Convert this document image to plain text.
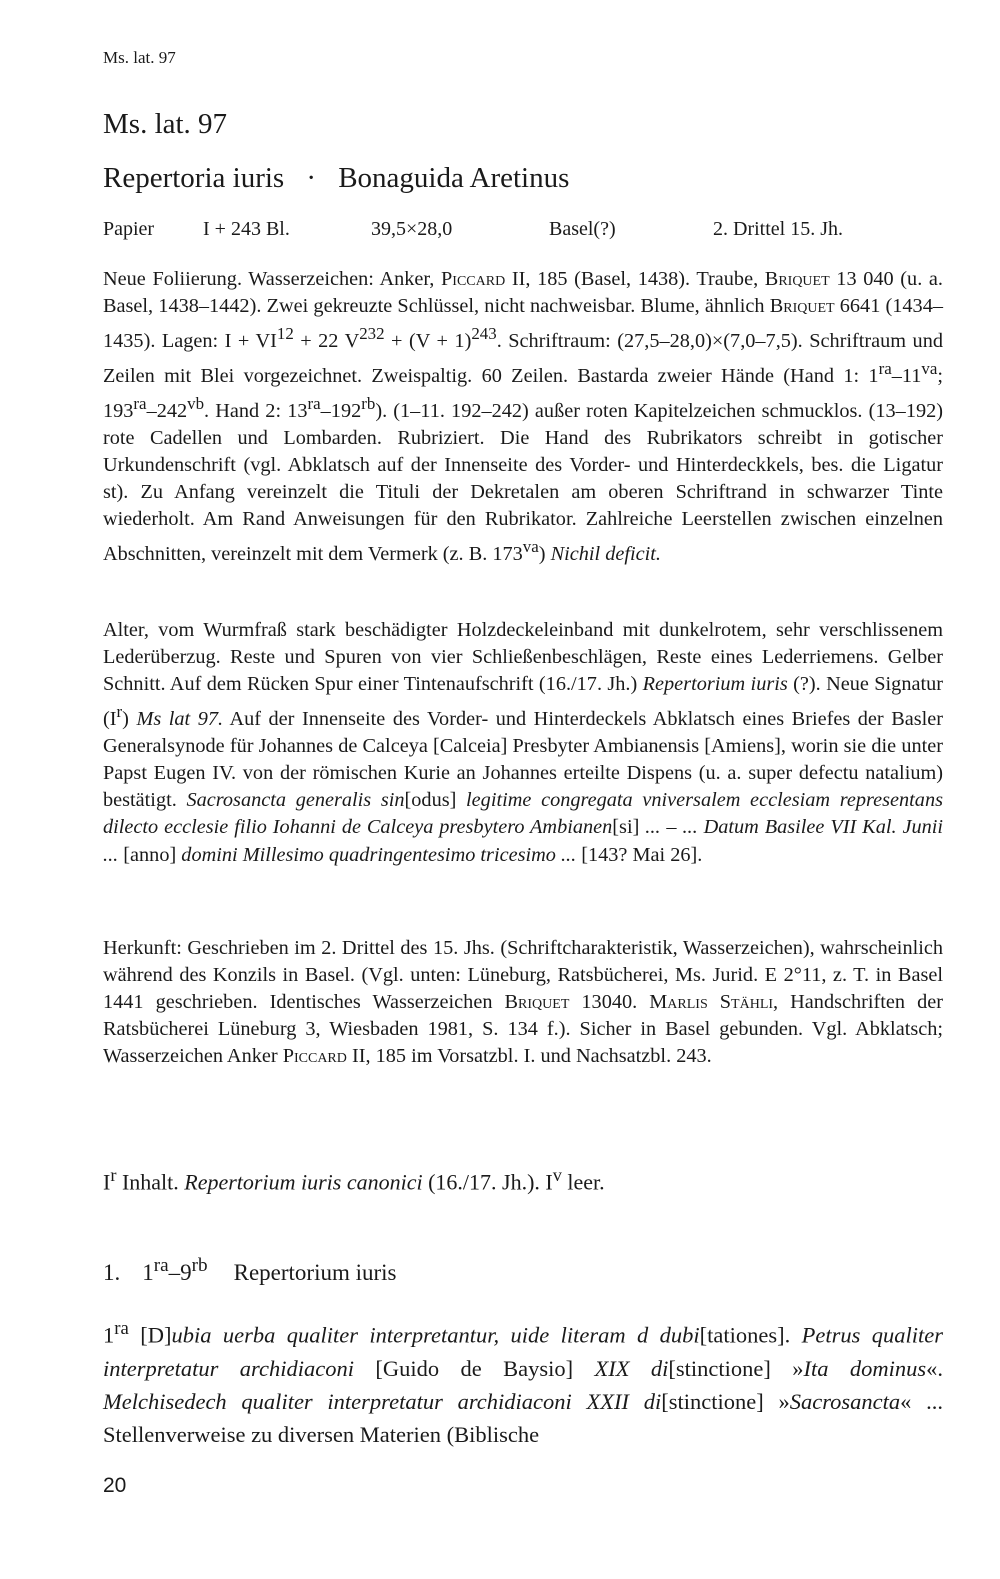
Ms. lat. 97
Ms. lat. 97
Repertoria iuris · Bonaguida Aretinus
Papier I + 243 Bl.	39,5×28,0	Basel(?)	2. Drittel 15. Jh.
Neue Foliierung. Wasserzeichen: Anker, Piccard II, 185 (Basel, 1438). Traube, Briquet 13 040 (u. a. Basel, 1438–1442). Zwei gekreuzte Schlüssel, nicht nachweisbar. Blume, ähnlich Briquet 6641 (1434–1435). Lagen: $I + VI^{12} + 22$ $V^{232} + (V + 1)^{243}$. Schriftraum: (27,5–28,0)×(7,0–7,5). Schriftraum und Zeilen mit Blei vorgezeichnet. Zweispaltig. 60 Zeilen. Bastarda zweier Hände (Hand 1: $1^{ra}-11^{va}$; $193^{ra}-242^{vb}$. Hand 2: $13^{ra}-192^{rb}$). (1–11. 192–242) außer roten Kapitelzeichen schmucklos. (13–192) rote Cadellen und Lombarden. Rubriziert. Die Hand des Rubrikators schreibt in gotischer Urkundenschrift (vgl. Abklatsch auf der Innenseite des Vorder- und Hinterdeckkels, bes. die Ligatur st). Zu Anfang vereinzelt die Tituli der Dekretalen am oberen Schriftrand in schwarzer Tinte wiederholt. Am Rand Anweisungen für den Rubrikator. Zahlreiche Leerstellen zwischen einzelnen Abschnitten, vereinzelt mit dem Vermerk (z. B. $173^{va}$) Nichil deficit.
Alter, vom Wurmfraß stark beschädigter Holzdeckeleinband mit dunkelrotem, sehr verschlissenem Lederüberzug. Reste und Spuren von vier Schließenbeschlägen, Reste eines Lederriemens. Gelber Schnitt. Auf dem Rücken Spur einer Tintenaufschrift (16./17. Jh.) Repertorium iuris (?). Neue Signatur $(I^r)$ Ms lat 97. Auf der Innenseite des Vorder- und Hinterdeckels Abklatsch eines Briefes der Basler Generalsynode für Johannes de Calceya [Calceia] Presbyter Ambianensis [Amiens], worin sie die unter Papst Eugen IV. von der römischen Kurie an Johannes erteilte Dispens (u. a. super defectu natalium) bestätigt. Sacrosancta generalis sin[odus] legitime congregata vniversalem ecclesiam representans dilecto ecclesie filio Iohanni de Calceya presbytero Ambianen[si] ... – ... Datum Basilee VII Kal. Junii ... [anno] domini Millesimo quadringentesimo tricesimo ... [143? Mai 26].
Herkunft: Geschrieben im 2. Drittel des 15. Jhs. (Schriftcharakteristik, Wasserzeichen), wahrscheinlich während des Konzils in Basel. (Vgl. unten: Lüneburg, Ratsbücherei, Ms. Jurid. E 2°11, z. T. in Basel 1441 geschrieben. Identisches Wasserzeichen Briquet 13040. Marlis Stähli, Handschriften der Ratsbücherei Lüneburg 3, Wiesbaden 1981, S. 134 f.). Sicher in Basel gebunden. Vgl. Abklatsch; Wasserzeichen Anker Piccard II, 185 im Vorsatzbl. I. und Nachsatzbl. 243.
$I^r$ Inhalt. Repertorium iuris canonici (16./17. Jh.). $I^v$ leer.
1. $1^{ra}-9^{rb}$ Repertorium iuris
$1^{ra}$ [D]ubia uerba qualiter interpretantur, uide literam d dubi[tationes]. Petrus qualiter interpretatur archidiaconi [Guido de Baysio] XIX di[stinctione] »Ita dominus«. Melchisedech qualiter interpretatur archidiaconi XXII di[stinctione] »Sacrosancta« ... Stellenverweise zu diversen Materien (Biblische
20
